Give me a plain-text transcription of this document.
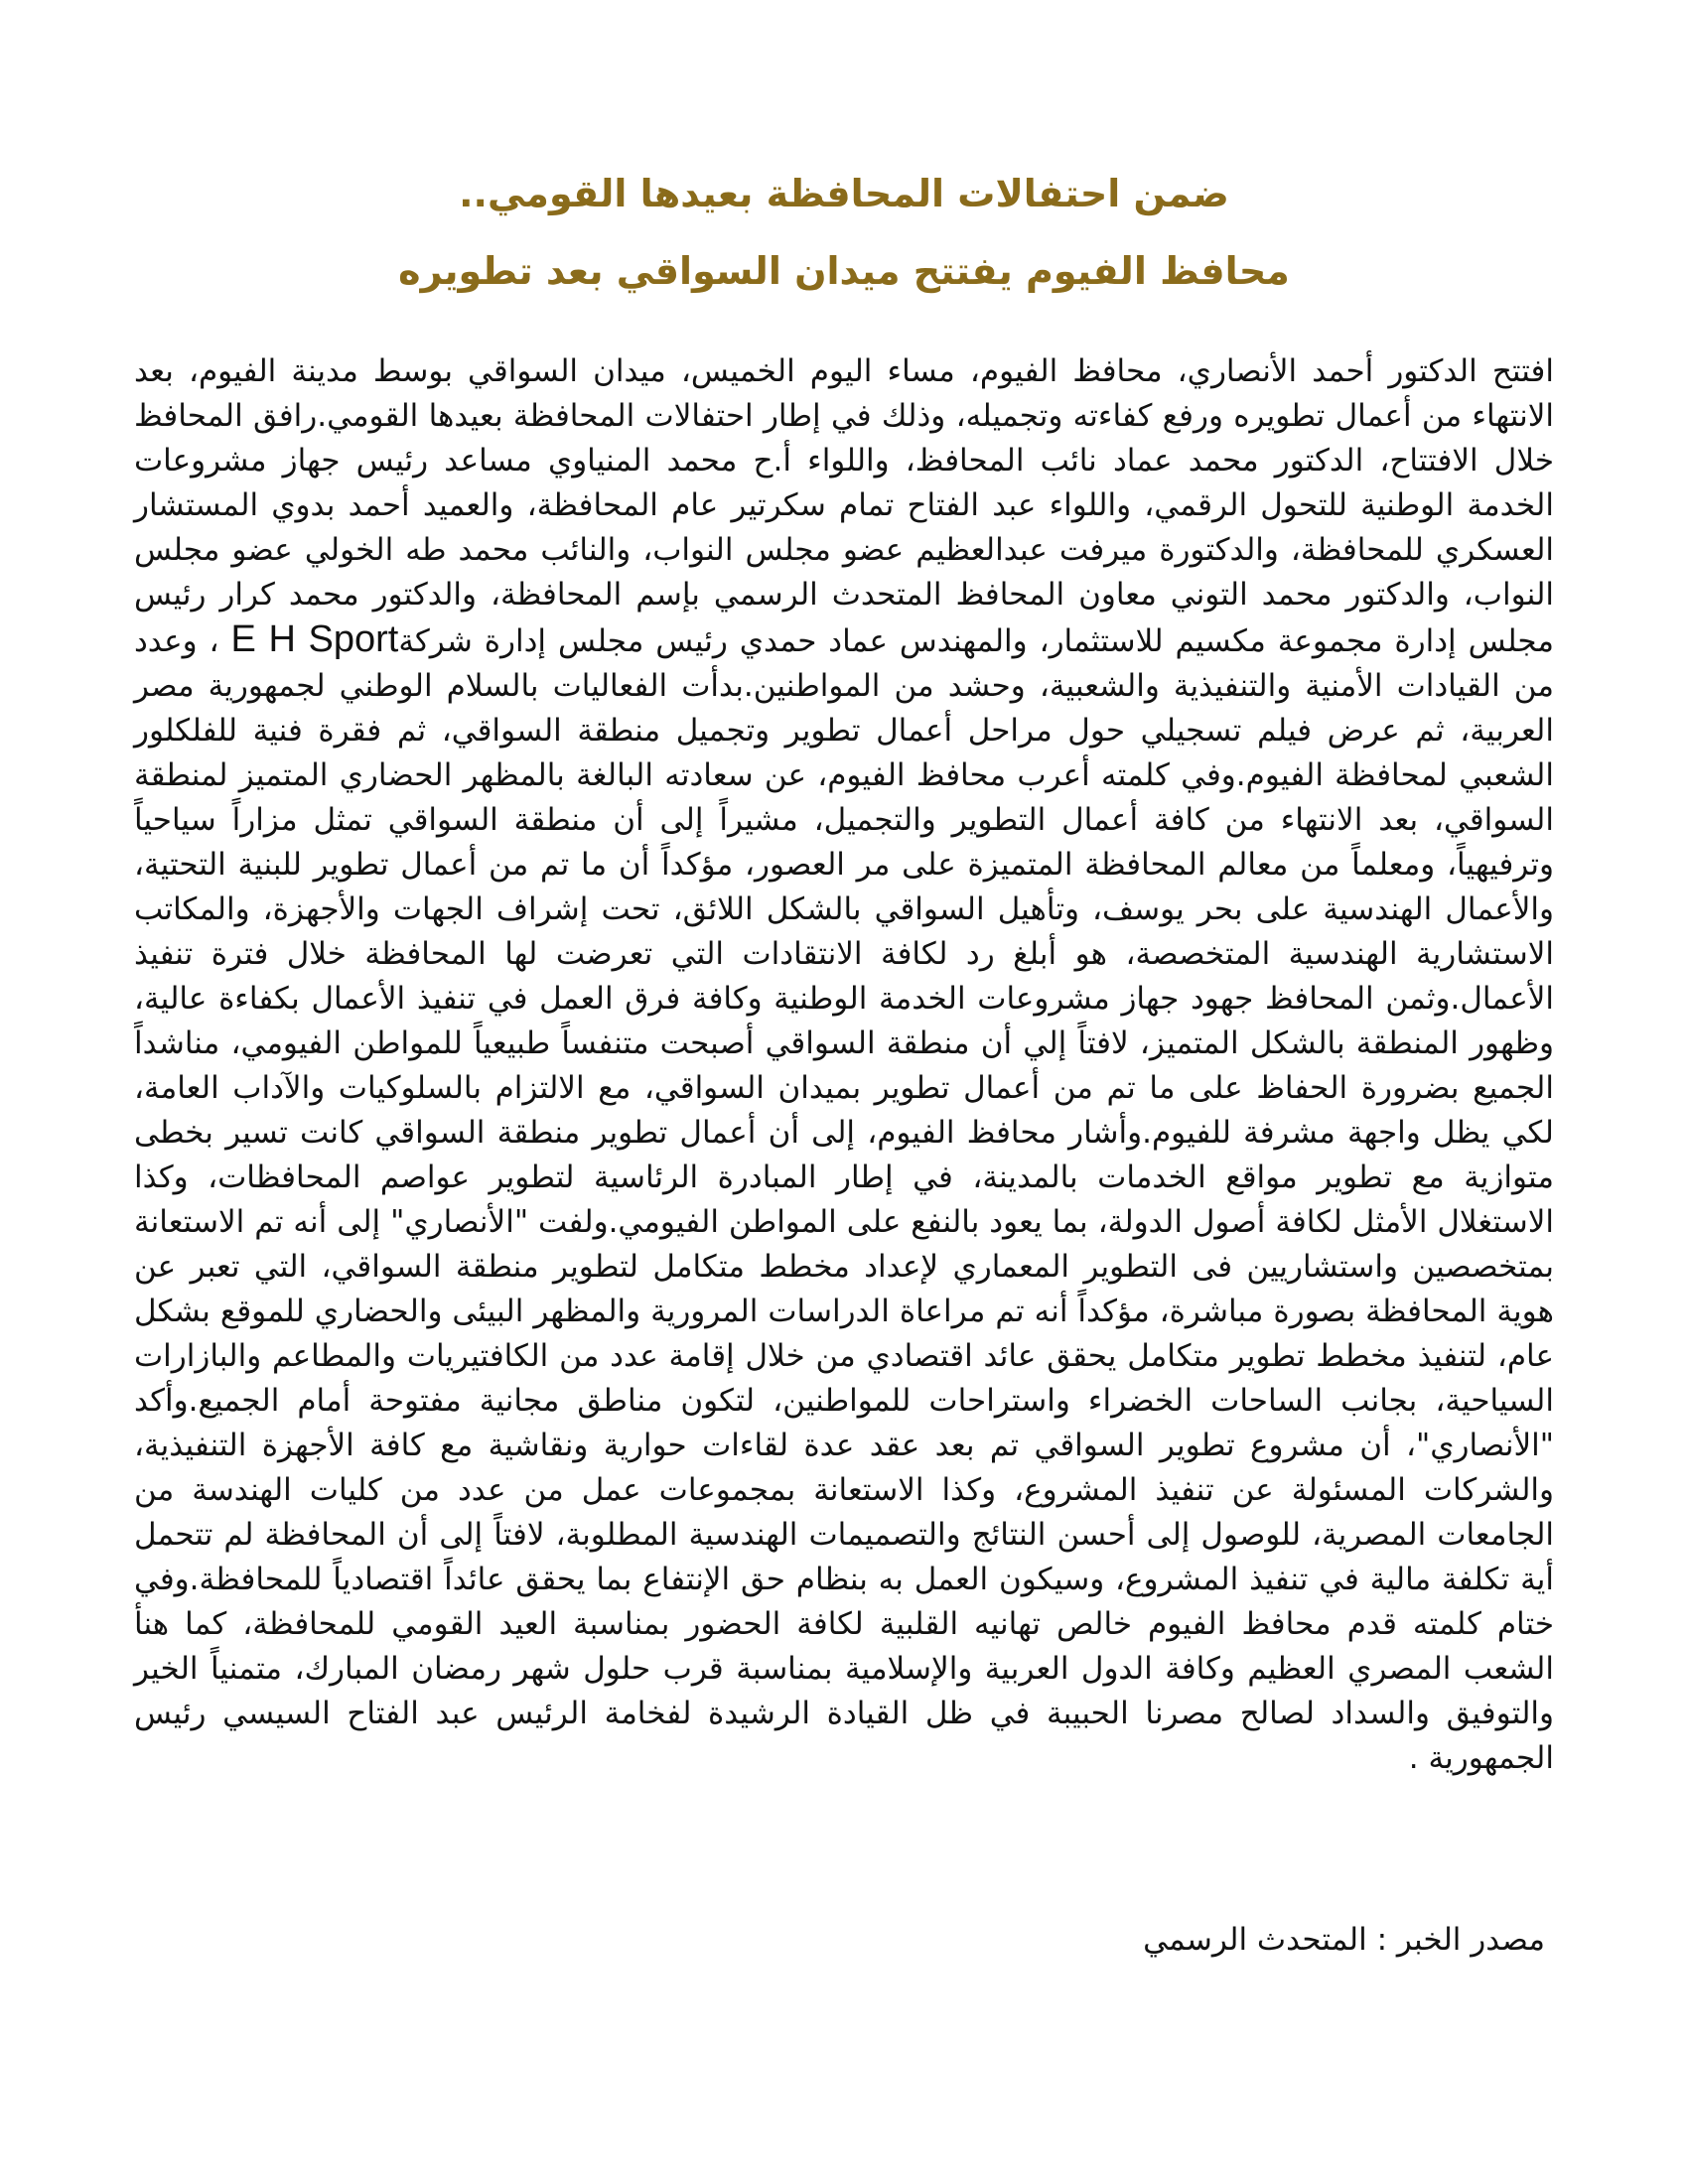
ضمن احتفالات المحافظة بعيدها القومي..
محافظ الفيوم يفتتح ميدان السواقي بعد تطويره

افتتح الدكتور أحمد الأنصاري، محافظ الفيوم، مساء اليوم الخميس، ميدان السواقي بوسط مدينة الفيوم، بعد الانتهاء من أعمال تطويره ورفع كفاءته وتجميله، وذلك في إطار احتفالات المحافظة بعيدها القومي.رافق المحافظ خلال الافتتاح، الدكتور محمد عماد نائب المحافظ، واللواء أ.ح محمد المنياوي مساعد رئيس جهاز مشروعات الخدمة الوطنية للتحول الرقمي، واللواء عبد الفتاح تمام سكرتير عام المحافظة، والعميد أحمد بدوي المستشار العسكري للمحافظة، والدكتورة ميرفت عبدالعظيم عضو مجلس النواب، والنائب محمد طه الخولي عضو مجلس النواب، والدكتور محمد التوني معاون المحافظ المتحدث الرسمي بإسم المحافظة، والدكتور محمد كرار رئيس مجلس إدارة مجموعة مكسيم للاستثمار، والمهندس عماد حمدي رئيس مجلس إدارة شركةE H Sport ، وعدد من القيادات الأمنية والتنفيذية والشعبية، وحشد من المواطنين.بدأت الفعاليات بالسلام الوطني لجمهورية مصر العربية، ثم عرض فيلم تسجيلي حول مراحل أعمال تطوير وتجميل منطقة السواقي، ثم فقرة فنية للفلكلور الشعبي لمحافظة الفيوم.وفي كلمته أعرب محافظ الفيوم، عن سعادته البالغة بالمظهر الحضاري المتميز لمنطقة السواقي، بعد الانتهاء من كافة أعمال التطوير والتجميل، مشيراً إلى أن منطقة السواقي تمثل مزاراً سياحياً وترفيهياً، ومعلماً من معالم المحافظة المتميزة على مر العصور، مؤكداً أن ما تم من أعمال تطوير للبنية التحتية، والأعمال الهندسية على بحر يوسف، وتأهيل السواقي بالشكل اللائق، تحت إشراف الجهات والأجهزة، والمكاتب الاستشارية الهندسية المتخصصة، هو أبلغ رد لكافة الانتقادات التي تعرضت لها المحافظة خلال فترة تنفيذ الأعمال.وثمن المحافظ جهود جهاز مشروعات الخدمة الوطنية وكافة فرق العمل في تنفيذ الأعمال بكفاءة عالية، وظهور المنطقة بالشكل المتميز، لافتاً إلي أن منطقة السواقي أصبحت متنفساً طبيعياً للمواطن الفيومي، مناشداً الجميع بضرورة الحفاظ على ما تم من أعمال تطوير بميدان السواقي، مع الالتزام بالسلوكيات والآداب العامة، لكي يظل واجهة مشرفة للفيوم.وأشار محافظ الفيوم، إلى أن أعمال تطوير منطقة السواقي كانت تسير بخطى متوازية مع تطوير مواقع الخدمات بالمدينة، في إطار المبادرة الرئاسية لتطوير عواصم المحافظات، وكذا الاستغلال الأمثل لكافة أصول الدولة، بما يعود بالنفع على المواطن الفيومي.ولفت "الأنصاري" إلى أنه تم الاستعانة بمتخصصين واستشاريين فى التطوير المعماري لإعداد مخطط متكامل لتطوير منطقة السواقي، التي تعبر عن هوية المحافظة بصورة مباشرة، مؤكداً أنه تم مراعاة الدراسات المرورية والمظهر البيئى والحضاري للموقع بشكل عام، لتنفيذ مخطط تطوير متكامل يحقق عائد اقتصادي من خلال إقامة عدد من الكافتيريات والمطاعم والبازارات السياحية، بجانب الساحات الخضراء واستراحات للمواطنين، لتكون مناطق مجانية مفتوحة أمام الجميع.وأكد "الأنصاري"، أن مشروع تطوير السواقي تم بعد عقد عدة لقاءات حوارية ونقاشية مع كافة الأجهزة التنفيذية، والشركات المسئولة عن تنفيذ المشروع، وكذا الاستعانة بمجموعات عمل من عدد من كليات الهندسة من الجامعات المصرية، للوصول إلى أحسن النتائج والتصميمات الهندسية المطلوبة، لافتاً إلى أن المحافظة لم تتحمل أية تكلفة مالية في تنفيذ المشروع، وسيكون العمل به بنظام حق الإنتفاع بما يحقق عائداً اقتصادياً للمحافظة.وفي ختام كلمته قدم محافظ الفيوم خالص تهانيه القلبية لكافة الحضور بمناسبة العيد القومي للمحافظة، كما هنأ الشعب المصري العظيم وكافة الدول العربية والإسلامية بمناسبة قرب حلول شهر رمضان المبارك، متمنياً الخير والتوفيق والسداد لصالح مصرنا الحبيبة في ظل القيادة الرشيدة لفخامة الرئيس عبد الفتاح السيسي رئيس الجمهورية .

مصدر الخبر : المتحدث الرسمي
